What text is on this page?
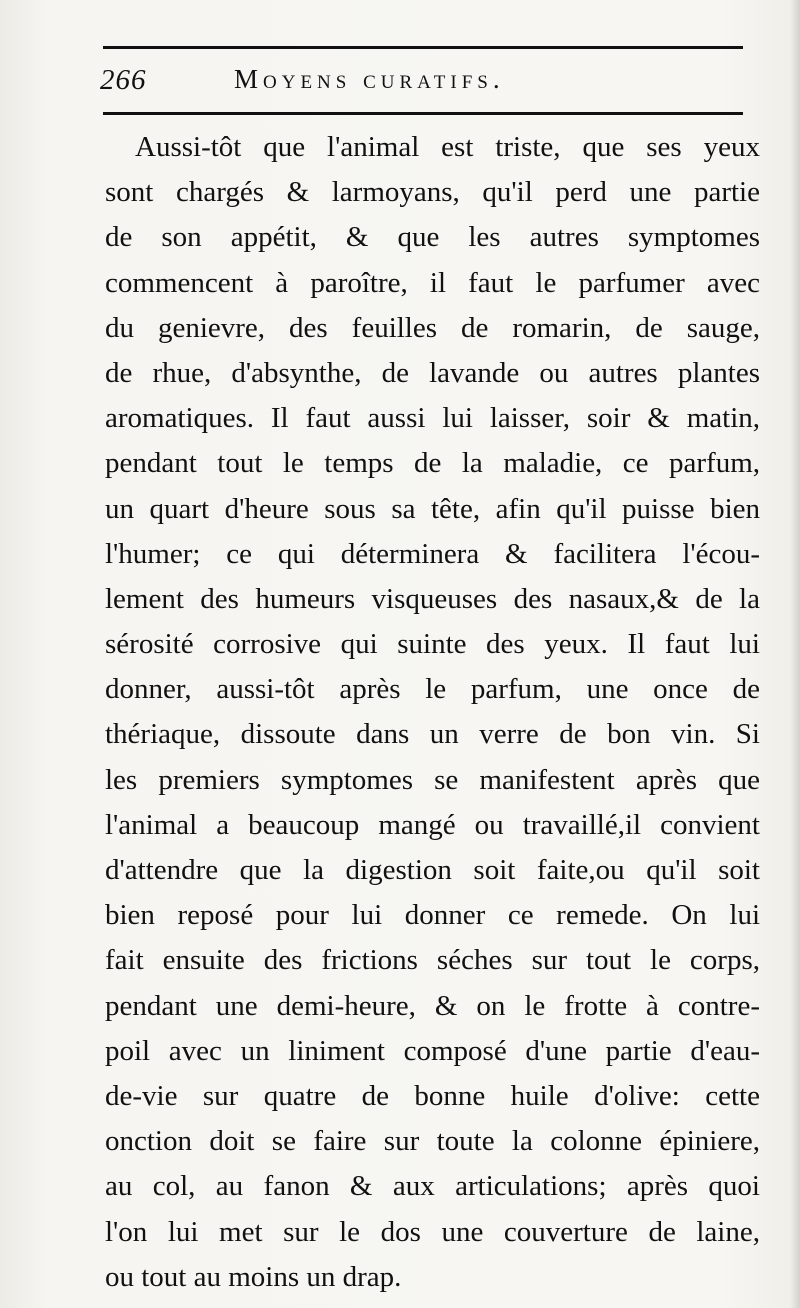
266	Moyens curatifs.
Aussi-tôt que l'animal est triste, que ses yeux
sont chargés & larmoyans, qu'il perd une partie
de son appétit, & que les autres symptomes
commencent à paroître, il faut le parfumer avec
du genievre, des feuilles de romarin, de sauge,
de rhue, d'absynthe, de lavande ou autres plantes
aromatiques. Il faut aussi lui laisser, soir & matin,
pendant tout le temps de la maladie, ce parfum,
un quart d'heure sous sa tête, afin qu'il puisse bien
l'humer; ce qui déterminera & facilitera l'écou-
lement des humeurs visqueuses des nasaux,& de la
sérosité corrosive qui suinte des yeux. Il faut lui
donner, aussi-tôt après le parfum, une once de
thériaque, dissoute dans un verre de bon vin. Si
les premiers symptomes se manifestent après que
l'animal a beaucoup mangé ou travaillé,il convient
d'attendre que la digestion soit faite,ou qu'il soit
bien reposé pour lui donner ce remede. On lui
fait ensuite des frictions séches sur tout le corps,
pendant une demi-heure, & on le frotte à contre-
poil avec un liniment composé d'une partie d'eau-
de-vie sur quatre de bonne huile d'olive: cette
onction doit se faire sur toute la colonne épiniere,
au col, au fanon & aux articulations; après quoi
l'on lui met sur le dos une couverture de laine,
ou tout au moins un drap.
